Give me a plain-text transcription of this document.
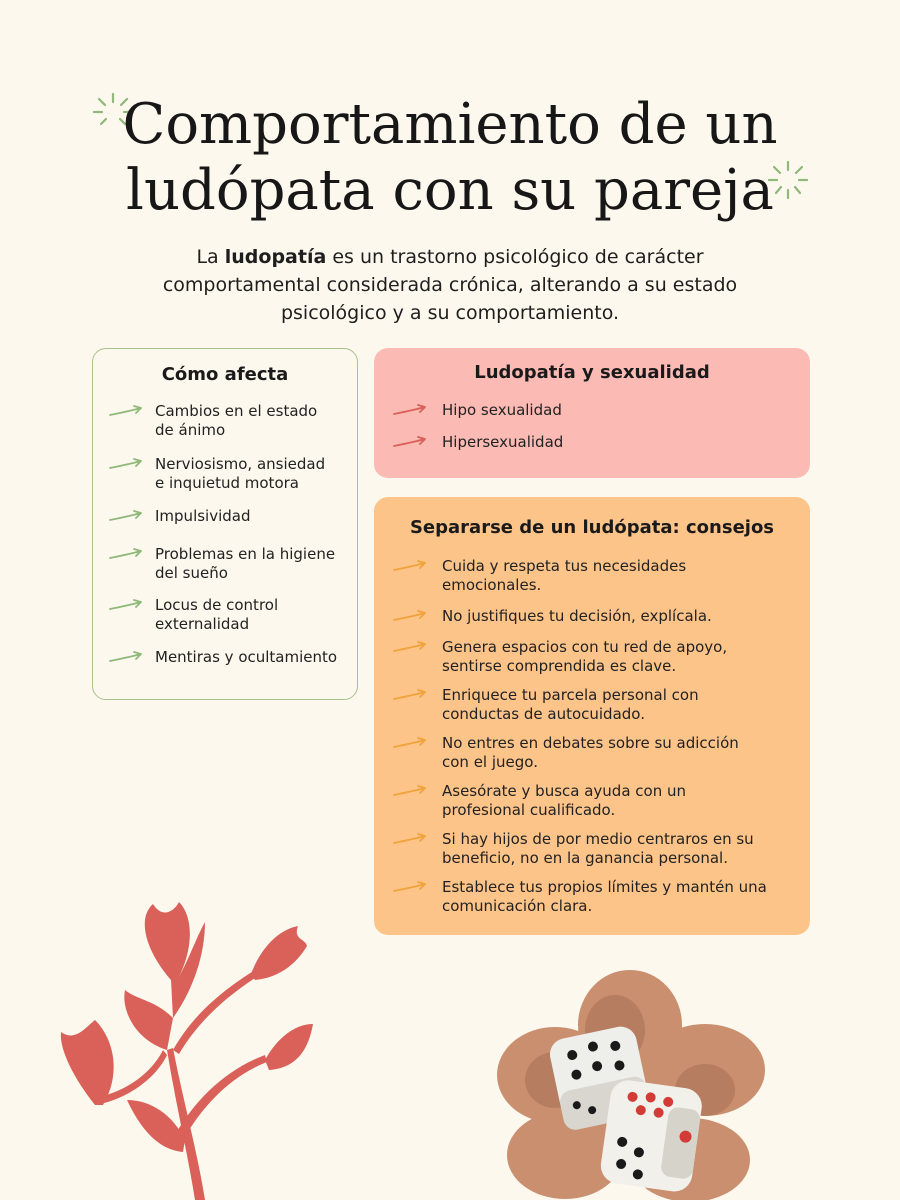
Comportamiento de un
ludópata con su pareja
La ludopatía es un trastorno psicológico de carácter
comportamental considerada crónica, alterando a su estado
psicológico y a su comportamiento.
Cómo afecta	Ludopatía y sexualidad
Separarse de un ludópata: consejos
Cambios en el estado
de ánimo
Nerviosismo, ansiedad
e inquietud motora
Impulsividad
Problemas en la higiene
del sueño
Locus de control
externalidad
Mentiras y ocultamiento
Hipo sexualidad
Hipersexualidad
Cuida y respeta tus necesidades
emocionales.
No justifiques tu decisión, explícala.
Genera espacios con tu red de apoyo,
sentirse comprendida es clave.
Enriquece tu parcela personal con
conductas de autocuidado.
No entres en debates sobre su adicción
con el juego.
Asesórate y busca ayuda con un
profesional cualificado.
Si hay hijos de por medio centraros en su
beneficio, no en la ganancia personal.
Establece tus propios límites y mantén una
comunicación clara.
